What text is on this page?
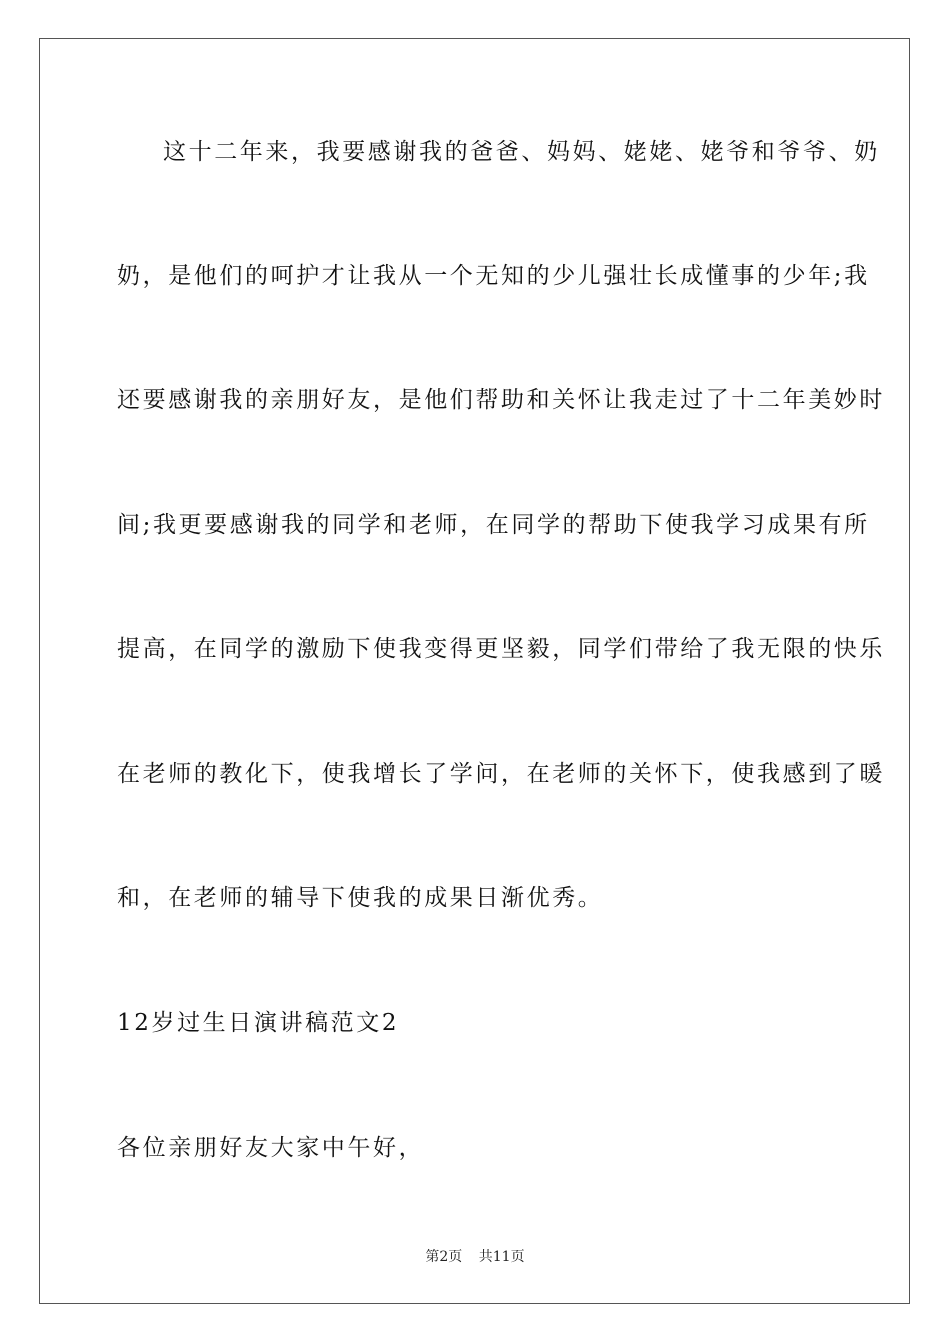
这十二年来，我要感谢我的爸爸、妈妈、姥姥、姥爷和爷爷、奶
奶，是他们的呵护才让我从一个无知的少儿强壮长成懂事的少年;我
还要感谢我的亲朋好友，是他们帮助和关怀让我走过了十二年美妙时
间;我更要感谢我的同学和老师，在同学的帮助下使我学习成果有所
提高，在同学的激励下使我变得更坚毅，同学们带给了我无限的快乐
在老师的教化下，使我增长了学问，在老师的关怀下，使我感到了暖
和，在老师的辅导下使我的成果日渐优秀。
12岁过生日演讲稿范文2
各位亲朋好友大家中午好，
第2页 共11页
